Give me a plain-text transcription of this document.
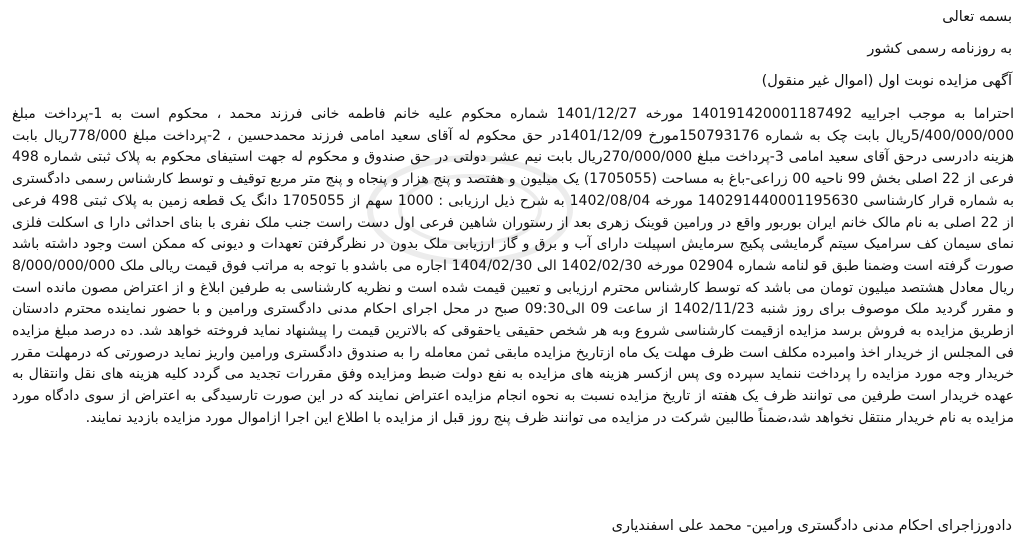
بسمه تعالی

به روزنامه رسمی کشور

آگهی مزایده نوبت اول (اموال غیر منقول)

احتراما به موجب اجراییه 140191420001187492 مورخه 1401/12/27 شماره محکوم علیه خانم فاطمه خانی فرزند محمد ، محکوم است به 1-پرداخت مبلغ 5/400/000/000ریال بابت چک به شماره 150793176مورخ 1401/12/09در حق محکوم له آقای سعید امامی فرزند محمدحسین ، 2-پرداخت مبلغ 778/000ریال بابت هزینه دادرسی درحق آقای سعید امامی 3-پرداخت مبلغ 270/000/000ریال بابت نیم عشر دولتی در حق صندوق و محکوم له جهت استیفای محکوم به پلاک ثبتی شماره 498 فرعی از 22 اصلی بخش 99 ناحیه 00 زراعی-باغ به مساحت (1705055) یک میلیون و هفتصد و پنج هزار و پنجاه و پنج متر مربع توقیف و توسط کارشناس رسمی دادگستری به شماره قرار کارشناسی 140291440001195630 مورخه 1402/08/04 به شرح ذیل ارزیابی : 1000 سهم از 1705055 دانگ یک قطعه زمین به پلاک ثبتی 498 فرعی از 22 اصلی به نام مالک خانم ایران بوربور واقع در ورامین قوینک زهری بعد از رستوران شاهین فرعی اول دست راست جنب ملک نفری با بنای احداثی دارا ی اسکلت فلزی نمای سیمان کف سرامیک سیتم گرمایشی پکیج سرمایش اسپیلت دارای آب و برق و گاز ارزیابی ملک بدون در نظرگرفتن تعهدات و دیونی که ممکن است وجود داشته باشد صورت گرفته است وضمنا طبق قو لنامه شماره 02904 مورخه 1402/02/30 الی 1404/02/30 اجاره می باشدو با توجه به مراتب فوق قیمت ریالی ملک 8/000/000/000 ریال معادل هشتصد میلیون تومان می باشد که توسط کارشناس محترم ارزیابی و تعیین قیمت شده است و نظریه کارشناسی به طرفین ابلاغ و از اعتراض مصون مانده است و مقرر گردید ملک موصوف برای روز شنبه 1402/11/23 از ساعت 09 الی09:30 صبح در محل اجرای احکام مدنی دادگستری ورامین و با حضور نماینده محترم دادستان ازطریق مزایده به فروش برسد مزایده ازقیمت کارشناسی شروع وبه هر شخص حقیقی یاحقوقی که بالاترین قیمت را پیشنهاد نماید فروخته خواهد شد. ده درصد مبلغ مزایده فی المجلس از خریدار اخذ وامبرده مکلف است ظرف مهلت یک ماه ازتاریخ مزایده مابقی ثمن معامله را به صندوق دادگستری ورامین واریز نماید درصورتی که درمهلت مقرر خریدار وجه مورد مزایده را پرداخت ننماید سپرده وی پس ازکسر هزینه های مزایده به نفع دولت ضبط ومزایده وفق مقررات تجدید می گردد کلیه هزینه های نقل وانتقال به عهده خریدار است طرفین می توانند ظرف یک هفته از تاریخ مزایده نسبت به نحوه انجام مزایده اعتراض نمایند که در این صورت تارسیدگی به اعتراض از سوی دادگاه مورد مزایده به نام خریدار منتقل نخواهد شد،ضمناً طالبین شرکت در مزایده می توانند ظرف پنج روز قبل از مزایده با اطلاع این اجرا ازاموال مورد مزایده بازدید نمایند.

دادورزاجرای احکام مدنی دادگستری ورامین- محمد علی اسفندیاری
